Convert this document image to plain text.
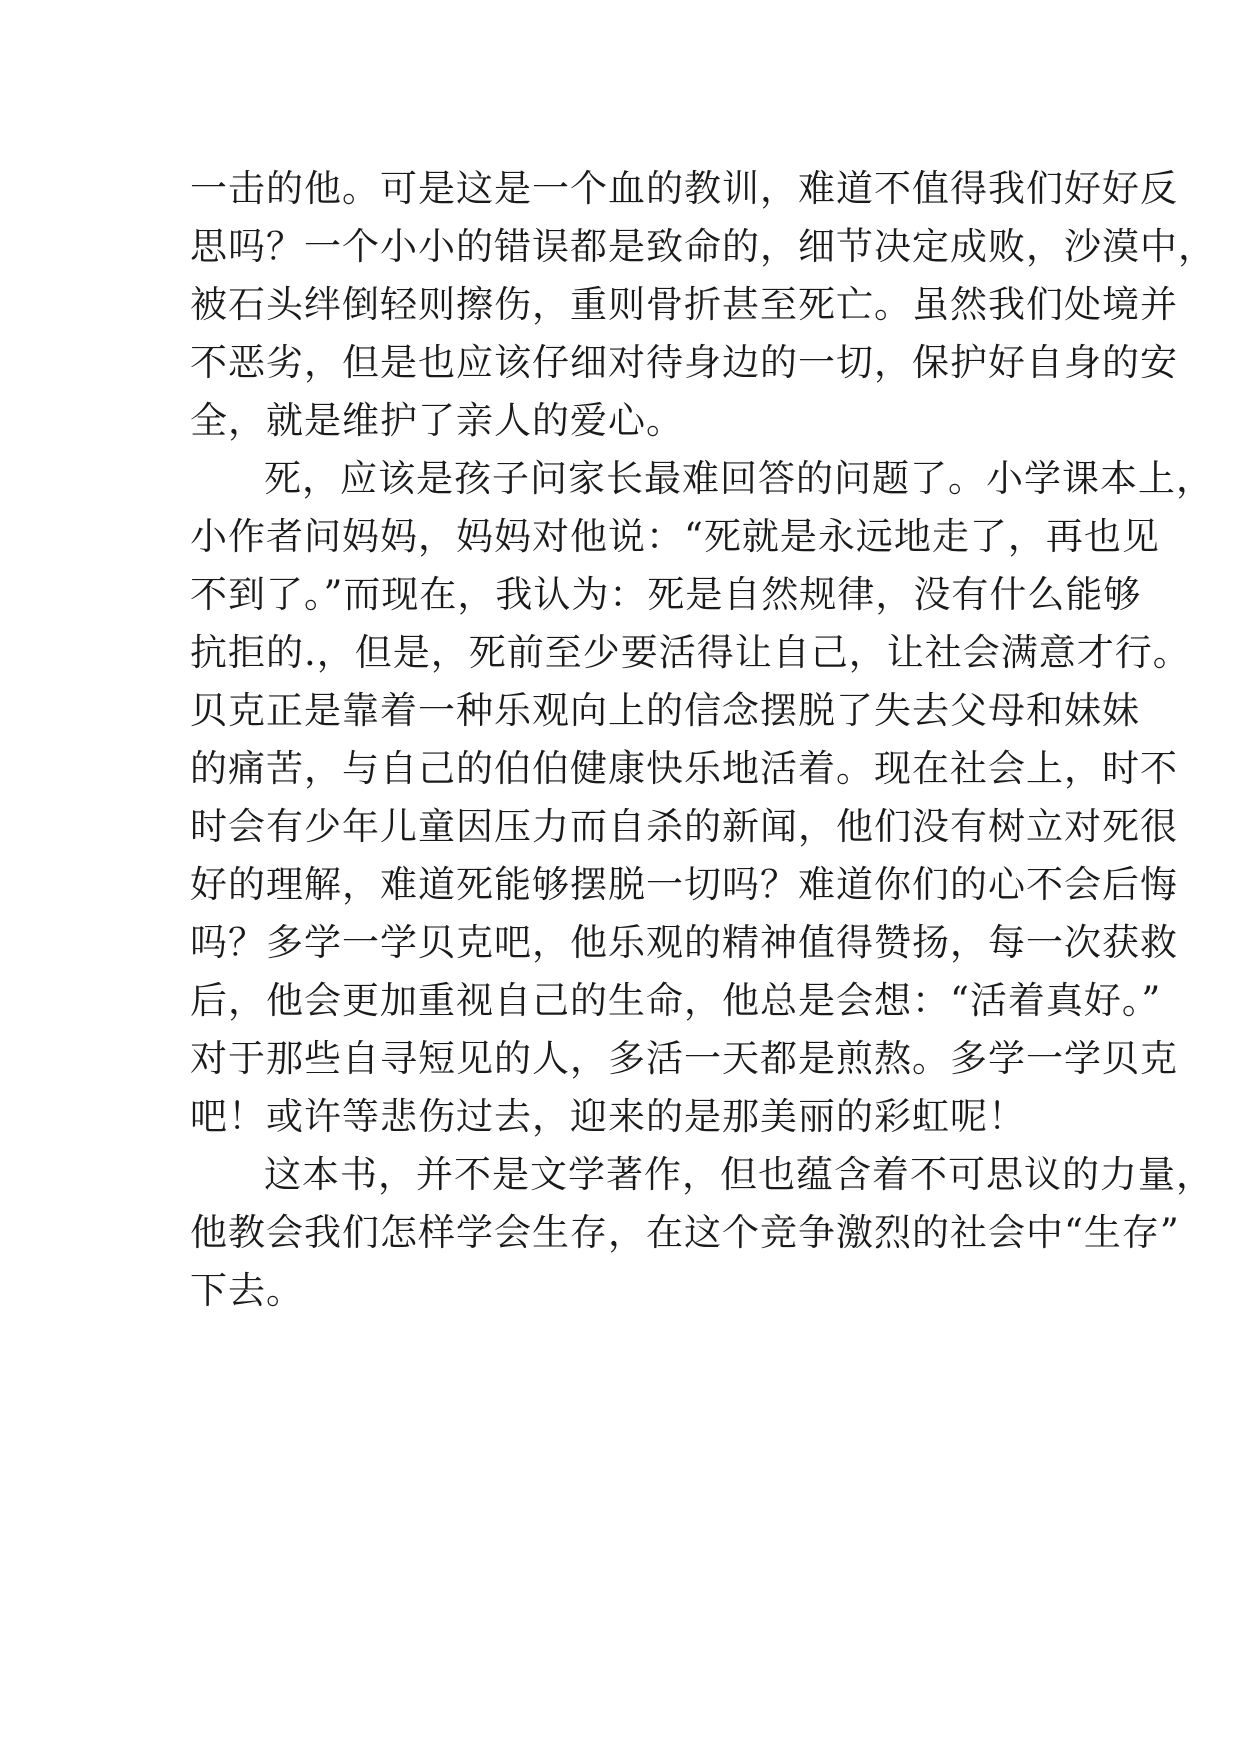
一击的他。可是这是一个血的教训，难道不值得我们好好反
思吗？一个小小的错误都是致命的，细节决定成败，沙漠中，
被石头绊倒轻则擦伤，重则骨折甚至死亡。虽然我们处境并
不恶劣，但是也应该仔细对待身边的一切，保护好自身的安
全，就是维护了亲人的爱心。
死，应该是孩子问家长最难回答的问题了。小学课本上，
小作者问妈妈，妈妈对他说：“死就是永远地走了，再也见
不到了。”而现在，我认为：死是自然规律，没有什么能够
抗拒的.，但是，死前至少要活得让自己，让社会满意才行。
贝克正是靠着一种乐观向上的信念摆脱了失去父母和妹妹
的痛苦，与自己的伯伯健康快乐地活着。现在社会上，时不
时会有少年儿童因压力而自杀的新闻，他们没有树立对死很
好的理解，难道死能够摆脱一切吗？难道你们的心不会后悔
吗？多学一学贝克吧，他乐观的精神值得赞扬，每一次获救
后，他会更加重视自己的生命，他总是会想：“活着真好。”
对于那些自寻短见的人，多活一天都是煎熬。多学一学贝克
吧！或许等悲伤过去，迎来的是那美丽的彩虹呢！
这本书，并不是文学著作，但也蕴含着不可思议的力量，
他教会我们怎样学会生存，在这个竞争激烈的社会中“生存”
下去。
